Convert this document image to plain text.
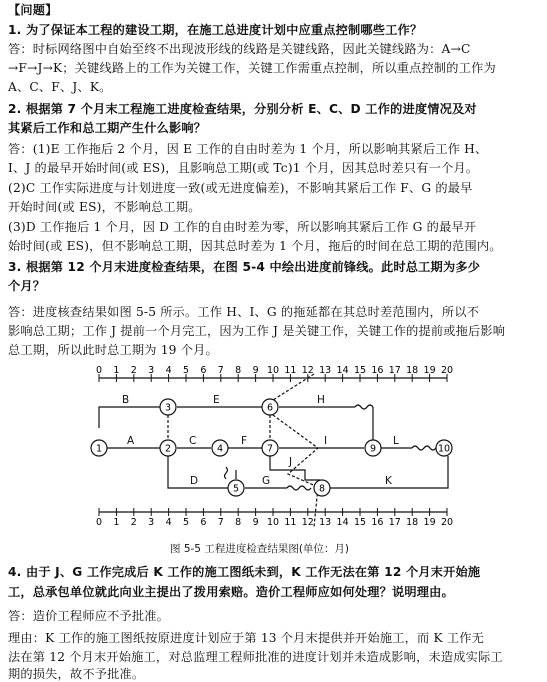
【问题】
1. 为了保证本工程的建设工期，在施工总进度计划中应重点控制哪些工作？
答：时标网络图中自始至终不出现波形线的线路是关键线路，因此关键线路为：A→C
→F→J→K；关键线路上的工作为关键工作，关键工作需重点控制，所以重点控制的工作为
A、C、F、J、K。
2. 根据第 7 个月末工程施工进度检查结果，分别分析 E、C、D 工作的进度情况及对
其紧后工作和总工期产生什么影响？
答：(1)E 工作拖后 2 个月，因 E 工作的自由时差为 1 个月，所以影响其紧后工作 H、
I、J 的最早开始时间(或 ES)，且影响总工期(或 Tc)1 个月，因其总时差只有一个月。
(2)C 工作实际进度与计划进度一致(或无进度偏差)，不影响其紧后工作 F、G 的最早
开始时间(或 ES)，不影响总工期。
(3)D 工作拖后 1 个月，因 D 工作的自由时差为零，所以影响其紧后工作 G 的最早开
始时间(或 ES)，但不影响总工期，因其总时差为 1 个月，拖后的时间在总工期的范围内。
3. 根据第 12 个月末进度检查结果，在图 5-4 中绘出进度前锋线。此时总工期为多少
个月？
答：进度核查结果如图 5-5 所示。工作 H、I、G 的拖延都在其总时差范围内，所以不
影响总工期；工作 J 提前一个月完工，因为工作 J 是关键工作，关键工作的提前或拖后影响
总工期，所以此时总工期为 19 个月。
0 1 2 3 4 5 6 7 8 9 10 11 12 13 14 15 16 17 18 19 20
0 1 2 3 4 5 6 7 8 9 10 11 12 13 14 15 16 17 18 19 20
1	2
3
4
5
6
7
8
9	10
B	E	H
A	C	F	I	L
J
D	G	K
图 5-5 工程进度检查结果图(单位：月)
4. 由于 J、G 工作完成后 K 工作的施工图纸未到，K 工作无法在第 12 个月末开始施
工，总承包单位就此向业主提出了拨用索赔。造价工程师应如何处理？说明理由。
答：造价工程师应不予批准。
理由：K 工作的施工图纸按原进度计划应于第 13 个月末提供并开始施工，而 K 工作无
法在第 12 个月末开始施工，对总监理工程师批准的进度计划并未造成影响，未造成实际工
期的损失，故不予批准。
